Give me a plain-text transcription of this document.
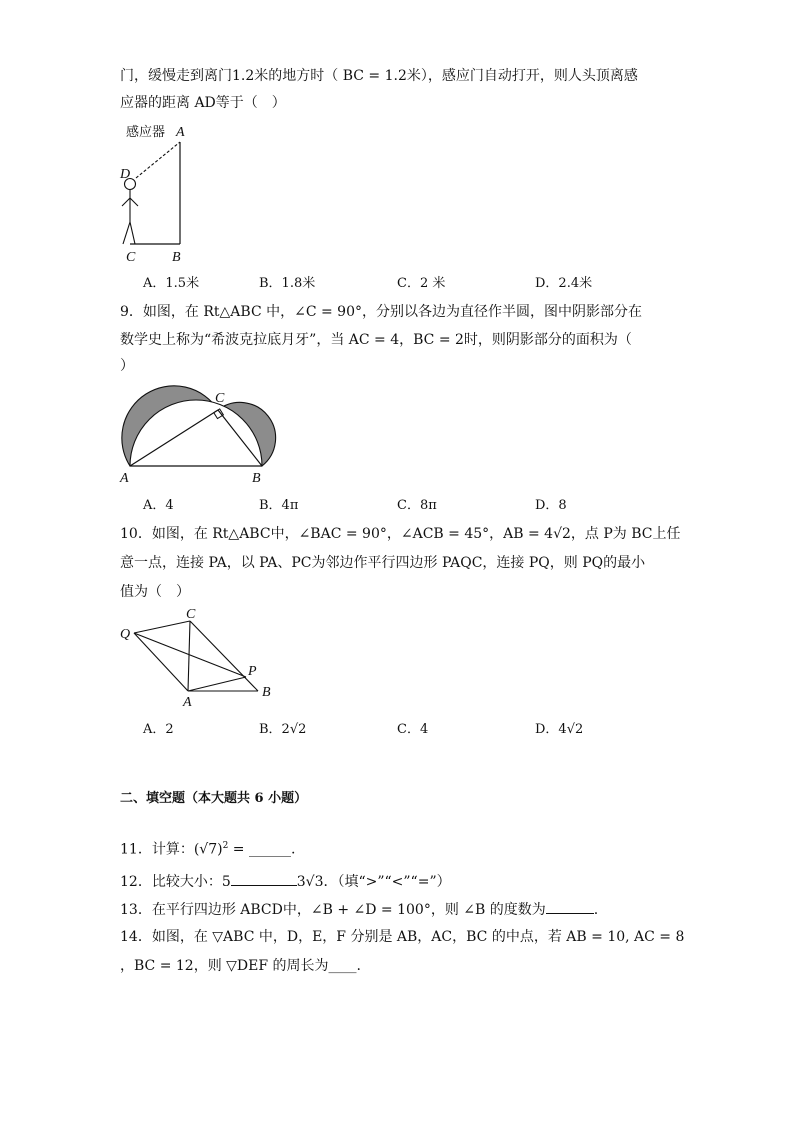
门，缓慢走到离门1.2米的地方时（ BC = 1.2米），感应门自动打开，则人头顶离感
应器的距离 AD等于（　）
感应器 A
D
C	B
A．1.5米	B．1.8米	C．2 米	D．2.4米
9．如图，在 Rt△ABC 中，∠C = 90°，分别以各边为直径作半圆，图中阴影部分在
数学史上称为“希波克拉底月牙”，当 AC = 4，BC = 2时，则阴影部分的面积为（
）
C
A	B
A．4	B．4π	C．8π	D．8
10．如图，在 Rt△ABC中，∠BAC = 90°，∠ACB = 45°，AB = 4√2，点 P为 BC上任
意一点，连接 PA，以 PA、PC为邻边作平行四边形 PAQC，连接 PQ，则 PQ的最小
值为（　）
C
Q
P
B
A
A．2	B．2√2	C．4	D．4√2
二、填空题（本大题共 6 小题）
11．计算：$(√7)^2$ = ______.
12．比较大小：5	3√3．（填“>”“<”“=”）
13．在平行四边形 ABCD中，∠B + ∠D = 100°，则 ∠B 的度数为	.
14．如图，在 ▽ABC 中，D，E，F 分别是 AB，AC，BC 的中点，若 AB = 10, AC = 8
，BC = 12，则 ▽DEF 的周长为____.
